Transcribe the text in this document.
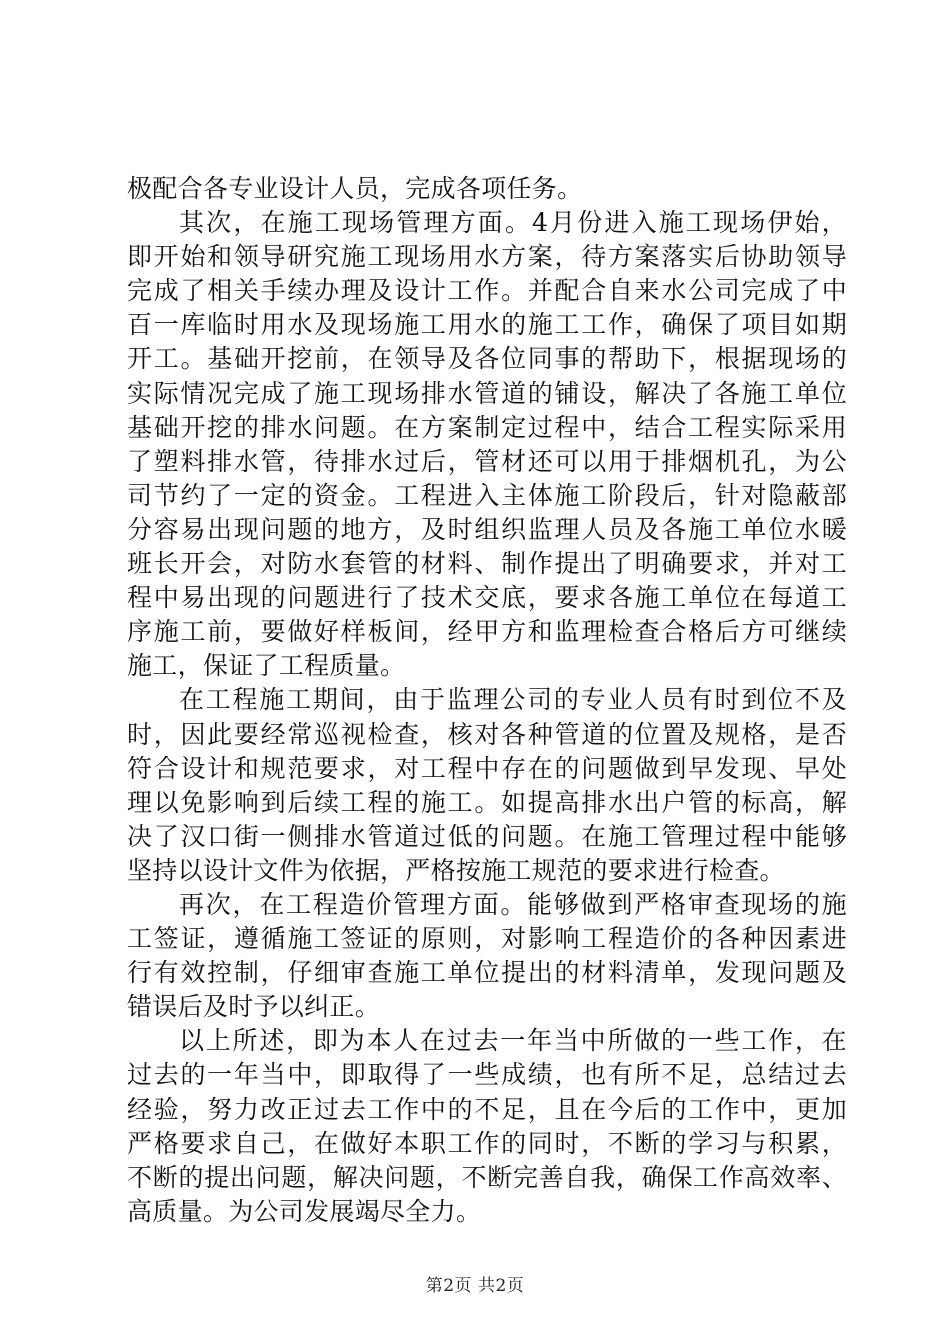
极配合各专业设计人员，完成各项任务。
其次，在施工现场管理方面。4月份进入施工现场伊始，
即开始和领导研究施工现场用水方案，待方案落实后协助领导
完成了相关手续办理及设计工作。并配合自来水公司完成了中
百一库临时用水及现场施工用水的施工工作，确保了项目如期
开工。基础开挖前，在领导及各位同事的帮助下，根据现场的
实际情况完成了施工现场排水管道的铺设，解决了各施工单位
基础开挖的排水问题。在方案制定过程中，结合工程实际采用
了塑料排水管，待排水过后，管材还可以用于排烟机孔，为公
司节约了一定的资金。工程进入主体施工阶段后，针对隐蔽部
分容易出现问题的地方，及时组织监理人员及各施工单位水暖
班长开会，对防水套管的材料、制作提出了明确要求，并对工
程中易出现的问题进行了技术交底，要求各施工单位在每道工
序施工前，要做好样板间，经甲方和监理检查合格后方可继续
施工，保证了工程质量。
在工程施工期间，由于监理公司的专业人员有时到位不及
时，因此要经常巡视检查，核对各种管道的位置及规格，是否
符合设计和规范要求，对工程中存在的问题做到早发现、早处
理以免影响到后续工程的施工。如提高排水出户管的标高，解
决了汉口街一侧排水管道过低的问题。在施工管理过程中能够
坚持以设计文件为依据，严格按施工规范的要求进行检查。
再次，在工程造价管理方面。能够做到严格审查现场的施
工签证，遵循施工签证的原则，对影响工程造价的各种因素进
行有效控制，仔细审查施工单位提出的材料清单，发现问题及
错误后及时予以纠正。
以上所述，即为本人在过去一年当中所做的一些工作，在
过去的一年当中，即取得了一些成绩，也有所不足，总结过去
经验，努力改正过去工作中的不足，且在今后的工作中，更加
严格要求自己，在做好本职工作的同时，不断的学习与积累，
不断的提出问题，解决问题，不断完善自我，确保工作高效率、
高质量。为公司发展竭尽全力。
第2页 共2页
